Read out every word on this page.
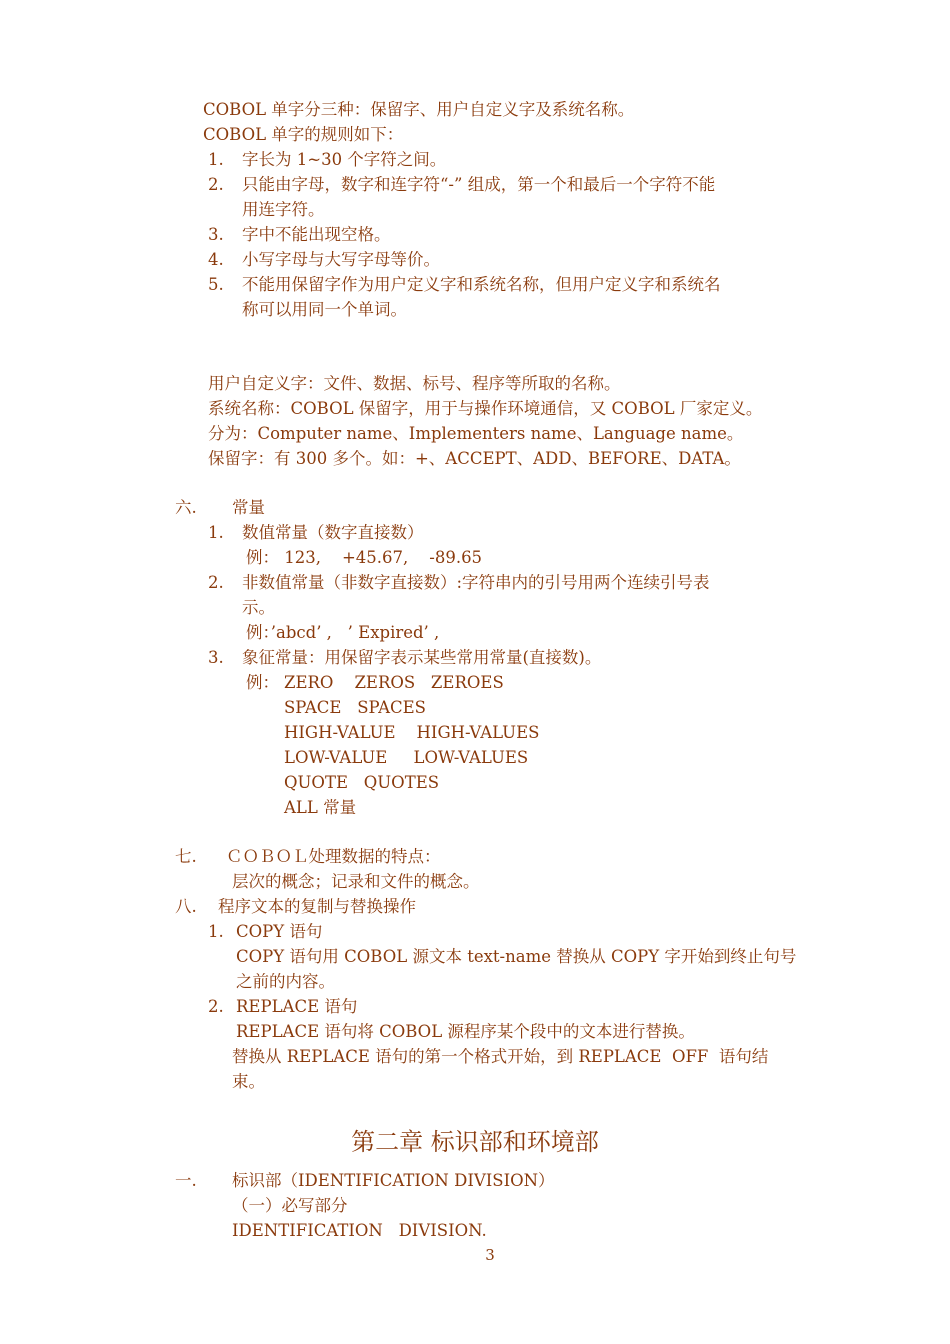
COBOL 单字分三种：保留字、用户自定义字及系统名称。
COBOL 单字的规则如下：
1. 字长为 1~30 个字符之间。
2. 只能由字母，数字和连字符“-” 组成，第一个和最后一个字符不能
用连字符。
3. 字中不能出现空格。
4. 小写字母与大写字母等价。
5. 不能用保留字作为用户定义字和系统名称，但用户定义字和系统名
称可以用同一个单词。
用户自定义字：文件、数据、标号、程序等所取的名称。
系统名称：COBOL 保留字，用于与操作环境通信，又 COBOL 厂家定义。
分为：Computer name、Implementers name、Language name。
保留字：有 300 多个。如：+、ACCEPT、ADD、BEFORE、DATA。
六. 常量
1. 数值常量（数字直接数）
例： 123,    +45.67,    -89.65
2. 非数值常量（非数字直接数）:字符串内的引号用两个连续引号表
示。
例：’abcd’ ,   ’ Expired’ ,
3. 象征常量：用保留字表示某些常用常量(直接数)。
例： ZERO    ZEROS   ZEROES
SPACE   SPACES
HIGH-VALUE    HIGH-VALUES
LOW-VALUE     LOW-VALUES
QUOTE   QUOTES
ALL 常量
七. ＣＯＢＯＬ处理数据的特点：
层次的概念；记录和文件的概念。
八. 程序文本的复制与替换操作
1. COPY 语句
COPY 语句用 COBOL 源文本 text-name 替换从 COPY 字开始到终止句号
之前的内容。
2. REPLACE 语句
REPLACE 语句将 COBOL 源程序某个段中的文本进行替换。
替换从 REPLACE 语句的第一个格式开始，到 REPLACE  OFF  语句结
束。
第二章 标识部和环境部
一. 标识部（IDENTIFICATION DIVISION）
（一）必写部分
IDENTIFICATION   DIVISION.
3
